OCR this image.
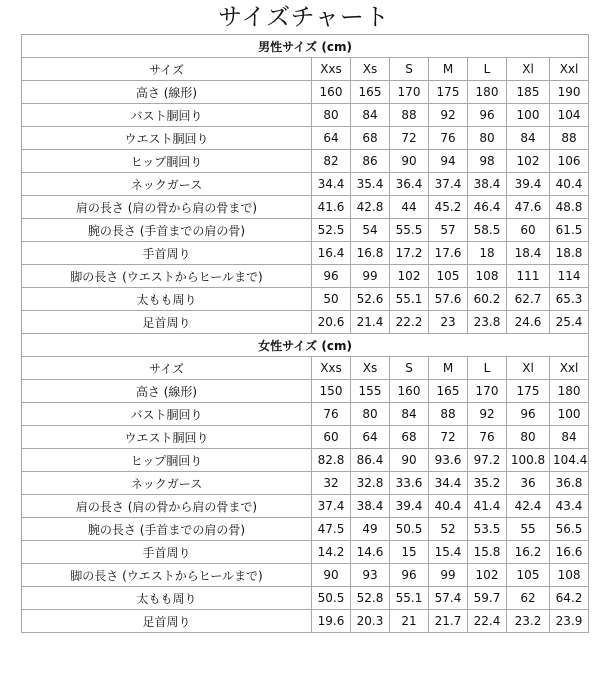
サイズチャート
男性サイズ (cm)							
サイズ	Xxs	Xs	S	M	L	Xl	Xxl
高さ (線形)	160	165	170	175	180	185	190
バスト胴回り	80	84	88	92	96	100	104
ウエスト胴回り	64	68	72	76	80	84	88
ヒップ胴回り	82	86	90	94	98	102	106
ネックガース	34.4	35.4	36.4	37.4	38.4	39.4	40.4
肩の長さ (肩の骨から肩の骨まで)	41.6	42.8	44	45.2	46.4	47.6	48.8
腕の長さ (手首までの肩の骨)	52.5	54	55.5	57	58.5	60	61.5
手首周り	16.4	16.8	17.2	17.6	18	18.4	18.8
脚の長さ (ウエストからヒールまで)	96	99	102	105	108	111	114
太もも周り	50	52.6	55.1	57.6	60.2	62.7	65.3
足首周り	20.6	21.4	22.2	23	23.8	24.6	25.4
女性サイズ (cm)							
サイズ	Xxs	Xs	S	M	L	Xl	Xxl
高さ (線形)	150	155	160	165	170	175	180
バスト胴回り	76	80	84	88	92	96	100
ウエスト胴回り	60	64	68	72	76	80	84
ヒップ胴回り	82.8	86.4	90	93.6	97.2	100.8	104.4
ネックガース	32	32.8	33.6	34.4	35.2	36	36.8
肩の長さ (肩の骨から肩の骨まで)	37.4	38.4	39.4	40.4	41.4	42.4	43.4
腕の長さ (手首までの肩の骨)	47.5	49	50.5	52	53.5	55	56.5
手首周り	14.2	14.6	15	15.4	15.8	16.2	16.6
脚の長さ (ウエストからヒールまで)	90	93	96	99	102	105	108
太もも周り	50.5	52.8	55.1	57.4	59.7	62	64.2
足首周り	19.6	20.3	21	21.7	22.4	23.2	23.9
